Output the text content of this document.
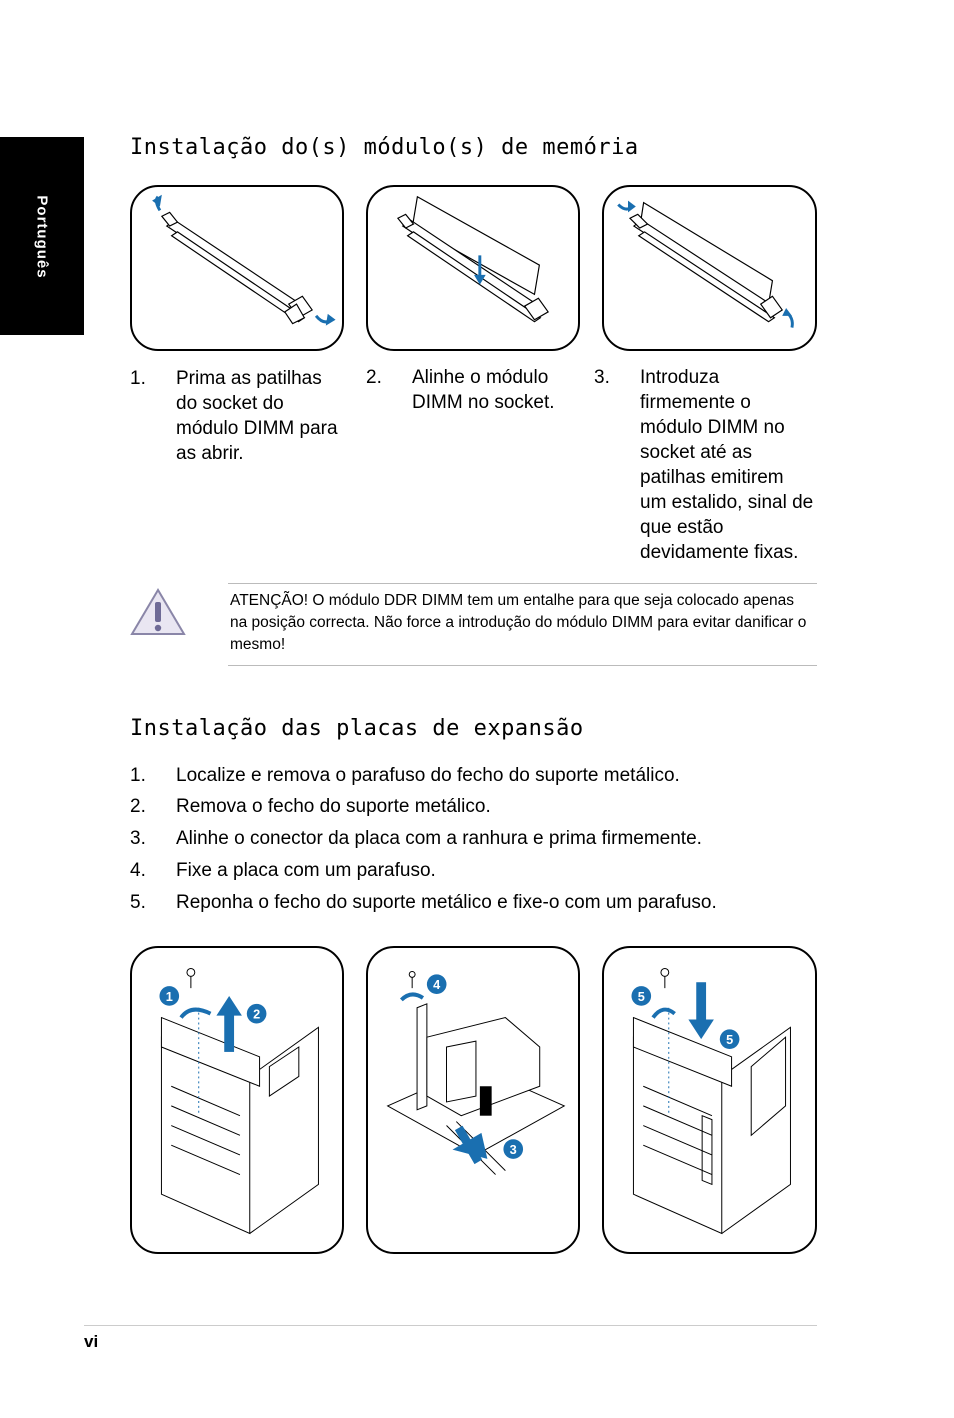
Português
Instalação do(s) módulo(s) de memória
1. Prima as patilhas do socket do módulo DIMM para as abrir.
2. Alinhe o módulo DIMM no socket.
3. Introduza firmemente o módulo DIMM no socket até as patilhas emitirem um estalido, sinal de que estão devidamente fixas.
ATENÇÃO! O módulo DDR DIMM tem um entalhe para que seja colocado apenas na posição correcta. Não force a introdução do módulo DIMM para evitar danificar o mesmo!
Instalação das placas de expansão
1. Localize e remova o parafuso do fecho do suporte metálico.
2. Remova o fecho do suporte metálico.
3. Alinhe o conector da placa com a ranhura e prima firmemente.
4. Fixe a placa com um parafuso.
5. Reponha o fecho do suporte metálico e fixe-o com um parafuso.
1
2
4
3
5
5
vi
